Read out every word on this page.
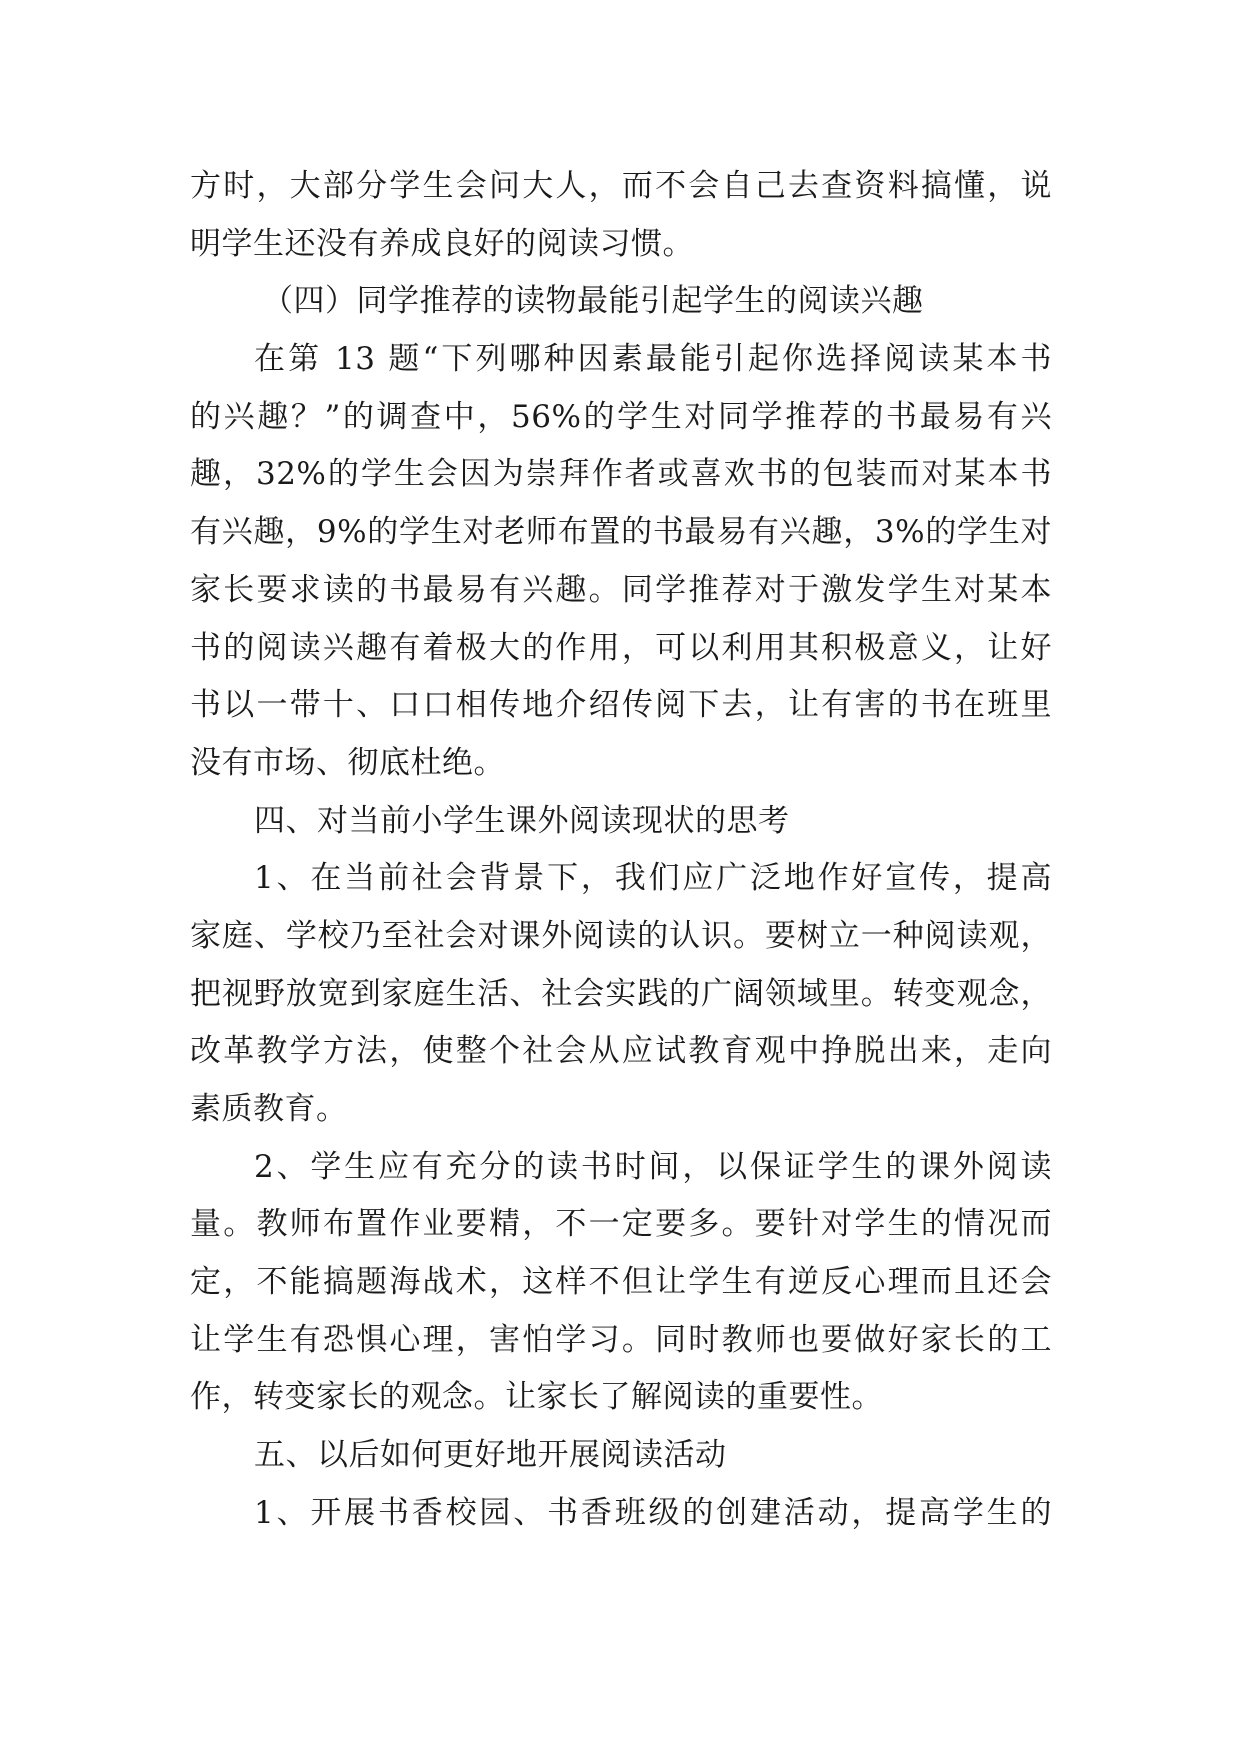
方时，大部分学生会问大人，而不会自己去查资料搞懂，说
明学生还没有养成良好的阅读习惯。
（四）同学推荐的读物最能引起学生的阅读兴趣
在第 13 题“下列哪种因素最能引起你选择阅读某本书
的兴趣？”的调查中，56%的学生对同学推荐的书最易有兴
趣，32%的学生会因为崇拜作者或喜欢书的包装而对某本书
有兴趣，9%的学生对老师布置的书最易有兴趣，3%的学生对
家长要求读的书最易有兴趣。同学推荐对于激发学生对某本
书的阅读兴趣有着极大的作用，可以利用其积极意义，让好
书以一带十、口口相传地介绍传阅下去，让有害的书在班里
没有市场、彻底杜绝。
四、对当前小学生课外阅读现状的思考
1、在当前社会背景下，我们应广泛地作好宣传，提高
家庭、学校乃至社会对课外阅读的认识。要树立一种阅读观，
把视野放宽到家庭生活、社会实践的广阔领域里。转变观念，
改革教学方法，使整个社会从应试教育观中挣脱出来，走向
素质教育。
2、学生应有充分的读书时间，以保证学生的课外阅读
量。教师布置作业要精，不一定要多。要针对学生的情况而
定，不能搞题海战术，这样不但让学生有逆反心理而且还会
让学生有恐惧心理，害怕学习。同时教师也要做好家长的工
作，转变家长的观念。让家长了解阅读的重要性。
五、以后如何更好地开展阅读活动
1、开展书香校园、书香班级的创建活动，提高学生的
